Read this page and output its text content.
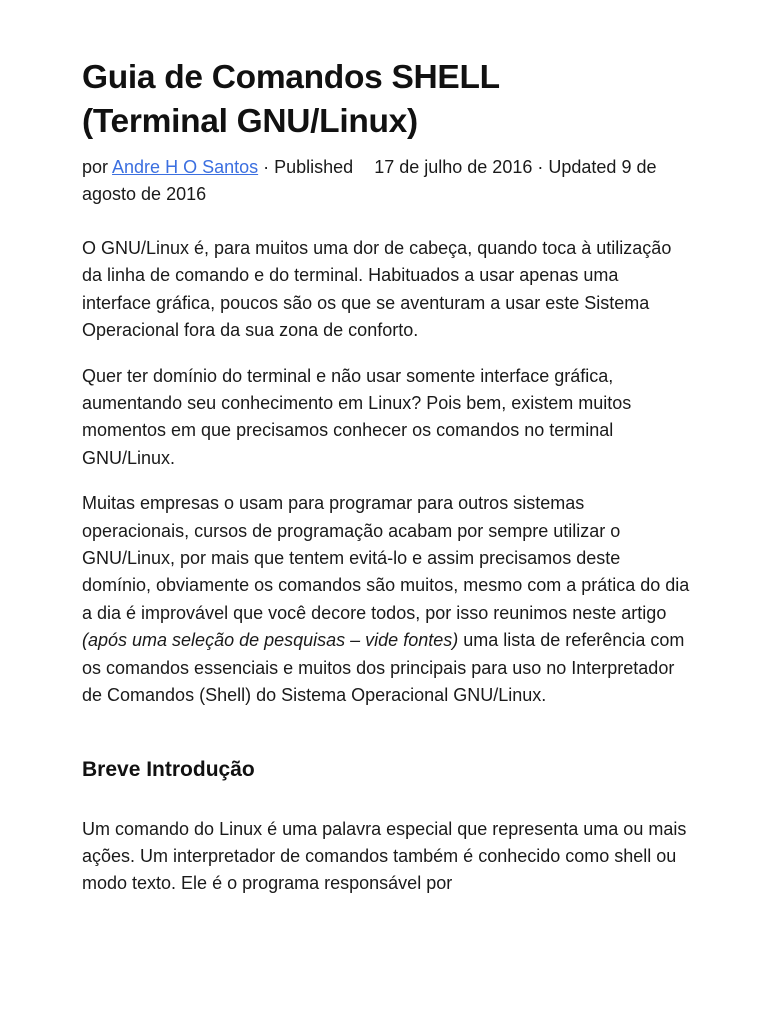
Guia de Comandos SHELL
(Terminal GNU/Linux)
por Andre H O Santos · Published 17 de julho de 2016 · Updated 9 de agosto de 2016

O GNU/Linux é, para muitos uma dor de cabeça, quando toca à utilização da linha de comando e do terminal. Habituados a usar apenas uma interface gráfica, poucos são os que se aventuram a usar este Sistema Operacional fora da sua zona de conforto.

Quer ter domínio do terminal e não usar somente interface gráfica, aumentando seu conhecimento em Linux? Pois bem, existem muitos momentos em que precisamos conhecer os comandos no terminal GNU/Linux.

Muitas empresas o usam para programar para outros sistemas operacionais, cursos de programação acabam por sempre utilizar o GNU/Linux, por mais que tentem evitá-lo e assim precisamos deste domínio, obviamente os comandos são muitos, mesmo com a prática do dia a dia é improvável que você decore todos, por isso reunimos neste artigo (após uma seleção de pesquisas – vide fontes) uma lista de referência com os comandos essenciais e muitos dos principais para uso no Interpretador de Comandos (Shell) do Sistema Operacional GNU/Linux.

Breve Introdução

Um comando do Linux é uma palavra especial que representa uma ou mais ações. Um interpretador de comandos também é conhecido como shell ou modo texto. Ele é o programa responsável por
